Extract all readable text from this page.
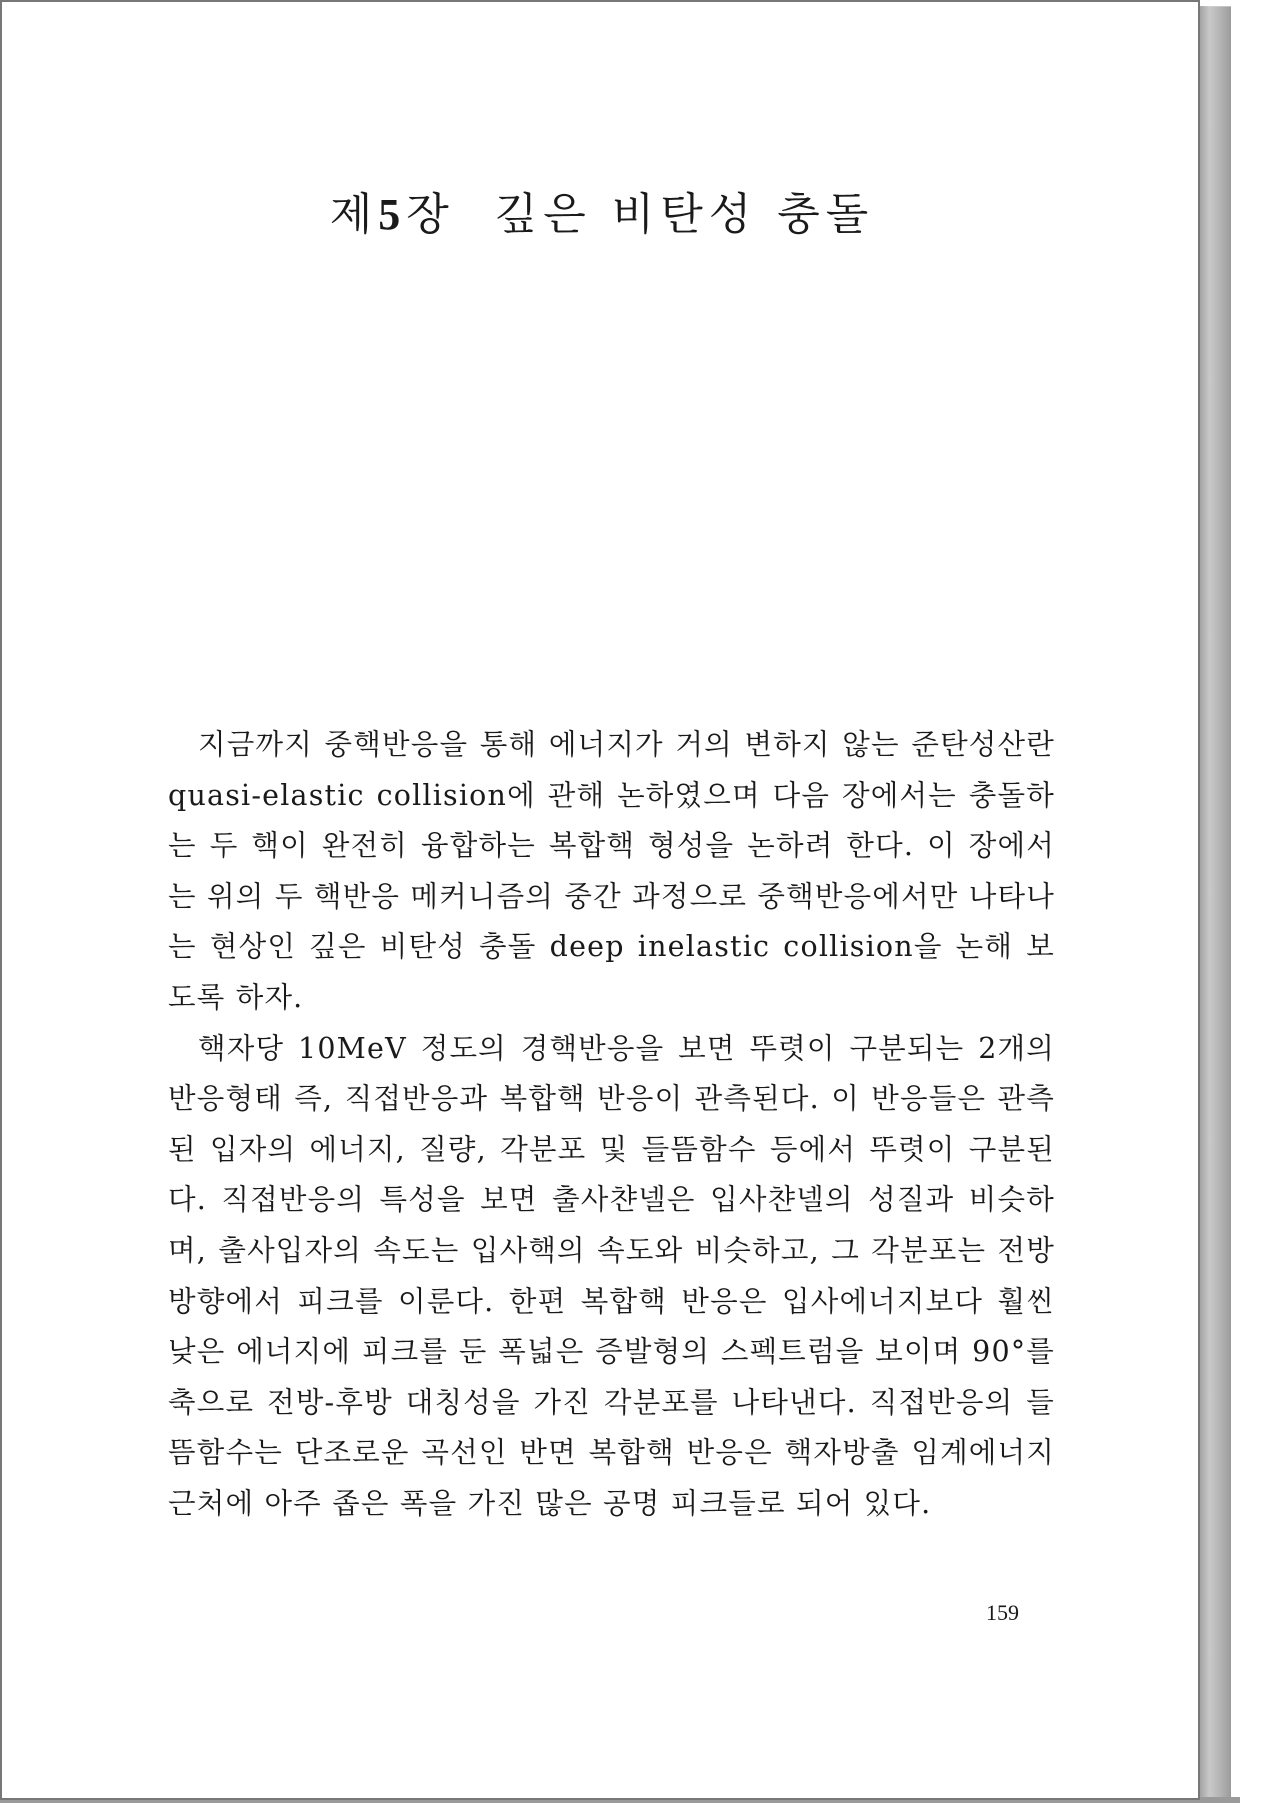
제5장 깊은 비탄성 충돌

지금까지 중핵반응을 통해 에너지가 거의 변하지 않는 준탄성산란 quasi-elastic collision에 관해 논하였으며 다음 장에서는 충돌하는 두 핵이 완전히 융합하는 복합핵 형성을 논하려 한다. 이 장에서는 위의 두 핵반응 메커니즘의 중간 과정으로 중핵반응에서만 나타나는 현상인 깊은 비탄성 충돌 deep inelastic collision을 논해 보도록 하자.

핵자당 10MeV 정도의 경핵반응을 보면 뚜렷이 구분되는 2개의 반응형태 즉, 직접반응과 복합핵 반응이 관측된다. 이 반응들은 관측된 입자의 에너지, 질량, 각분포 및 들뜸함수 등에서 뚜렷이 구분된다. 직접반응의 특성을 보면 출사챤넬은 입사챤넬의 성질과 비슷하며, 출사입자의 속도는 입사핵의 속도와 비슷하고, 그 각분포는 전방방향에서 피크를 이룬다. 한편 복합핵 반응은 입사에너지보다 훨씬 낮은 에너지에 피크를 둔 폭넓은 증발형의 스펙트럼을 보이며 90°를 축으로 전방-후방 대칭성을 가진 각분포를 나타낸다. 직접반응의 들뜸함수는 단조로운 곡선인 반면 복합핵 반응은 핵자방출 임계에너지 근처에 아주 좁은 폭을 가진 많은 공명 피크들로 되어 있다.

159
